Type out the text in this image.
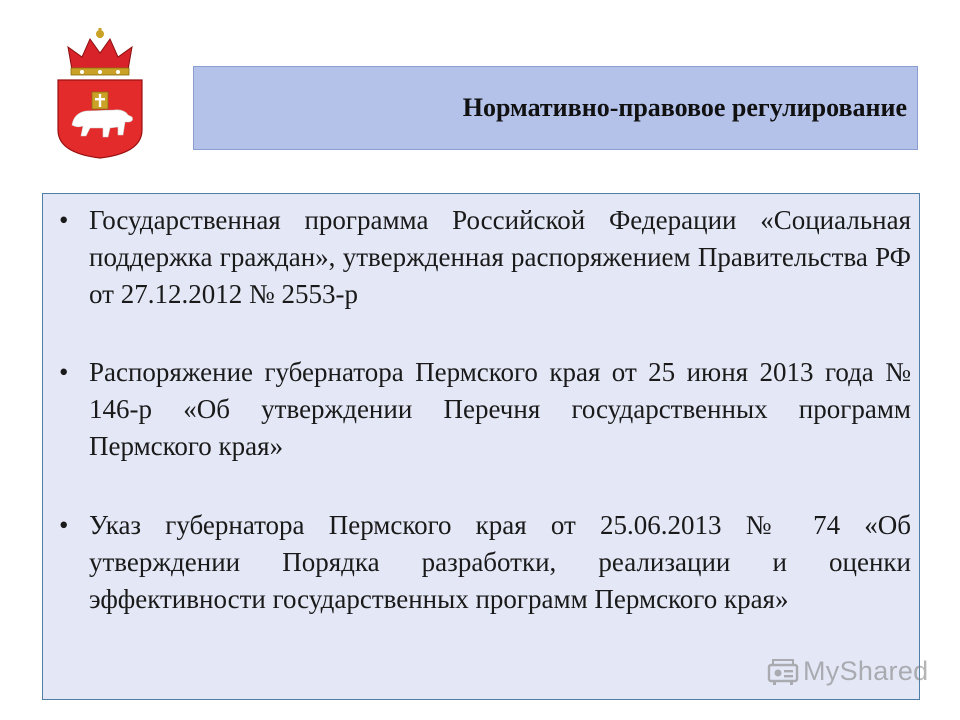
Нормативно-правовое регулирование
• Государственная программа Российской Федерации «Социальная поддержка граждан», утвержденная распоряжением Правительства РФ от 27.12.2012 № 2553-р
• Распоряжение губернатора Пермского края от 25 июня 2013 года № 146-р «Об утверждении Перечня государственных программ Пермского края»
• Указ губернатора Пермского края от 25.06.2013 № 74 «Об утверждении Порядка разработки, реализации и оценки эффективности государственных программ Пермского края»
MyShared
